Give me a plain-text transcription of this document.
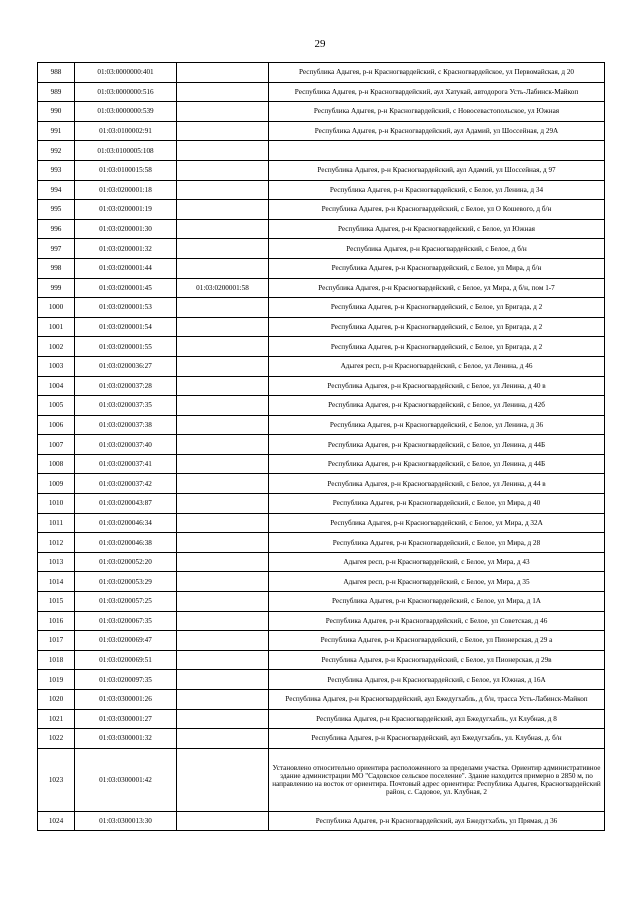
29
988	01:03:0000000:401		Республика Адыгея, р-н Красногвардейский, с Красногвардейское, ул Первомайская, д 20
989	01:03:0000000:516		Республика Адыгея, р-н Красногвардейский, аул Хатукай, автодорога Усть-Лабинск-Майкоп
990	01:03:0000000:539		Республика Адыгея, р-н Красногвардейский, с Новосевастопольское, ул Южная
991	01:03:0100002:91		Республика Адыгея, р-н Красногвардейский, аул Адамий, ул Шоссейная, д 29А
992	01:03:0100005:108		
993	01:03:0100015:58		Республика Адыгея, р-н Красногвардейский, аул Адамий, ул Шоссейная, д 97
994	01:03:0200001:18		Республика Адыгея, р-н Красногвардейский, с Белое, ул Ленина, д 34
995	01:03:0200001:19		Республика Адыгея, р-н Красногвардейский, с Белое, ул О Кошевого, д б/н
996	01:03:0200001:30		Республика Адыгея, р-н Красногвардейский, с Белое, ул Южная
997	01:03:0200001:32		Республика Адыгея, р-н Красногвардейский, с Белое, д б/н
998	01:03:0200001:44		Республика Адыгея, р-н Красногвардейский, с Белое, ул Мира, д б/н
999	01:03:0200001:45	01:03:0200001:58	Республика Адыгея, р-н Красногвардейский, с Белое, ул Мира, д б/н, пом 1-7
1000	01:03:0200001:53		Республика Адыгея, р-н Красногвардейский, с Белое, ул Бригада, д 2
1001	01:03:0200001:54		Республика Адыгея, р-н Красногвардейский, с Белое, ул Бригада, д 2
1002	01:03:0200001:55		Республика Адыгея, р-н Красногвардейский, с Белое, ул Бригада, д 2
1003	01:03:0200036:27		Адыгея респ, р-н Красногвардейский, с Белое, ул Ленина, д 46
1004	01:03:0200037:28		Республика Адыгея, р-н Красногвардейский, с Белое, ул Ленина, д 40 в
1005	01:03:0200037:35		Республика Адыгея, р-н Красногвардейский, с Белое, ул Ленина, д 42б
1006	01:03:0200037:38		Республика Адыгея, р-н Красногвардейский, с Белое, ул Ленина, д 36
1007	01:03:0200037:40		Республика Адыгея, р-н Красногвардейский, с Белое, ул Ленина, д 44Б
1008	01:03:0200037:41		Республика Адыгея, р-н Красногвардейский, с Белое, ул Ленина, д 44Б
1009	01:03:0200037:42		Республика Адыгея, р-н Красногвардейский, с Белое, ул Ленина, д 44 в
1010	01:03:0200043:87		Республика Адыгея, р-н Красногвардейский, с Белое, ул Мира, д 40
1011	01:03:0200046:34		Республика Адыгея, р-н Красногвардейский, с Белое, ул Мира, д 32А
1012	01:03:0200046:38		Республика Адыгея, р-н Красногвардейский, с Белое, ул Мира, д 28
1013	01:03:0200052:20		Адыгея респ, р-н Красногвардейский, с Белое, ул Мира, д 43
1014	01:03:0200053:29		Адыгея респ, р-н Красногвардейский, с Белое, ул Мира, д 35
1015	01:03:0200057:25		Республика Адыгея, р-н Красногвардейский, с Белое, ул Мира, д 1А
1016	01:03:0200067:35		Республика Адыгея, р-н Красногвардейский, с Белое, ул Советская, д 46
1017	01:03:0200069:47		Республика Адыгея, р-н Красногвардейский, с Белое, ул Пионерская, д 29 а
1018	01:03:0200069:51		Республика Адыгея, р-н Красногвардейский, с Белое, ул Пионерская, д 29в
1019	01:03:0200097:35		Республика Адыгея, р-н Красногвардейский, с Белое, ул Южная, д 16А
1020	01:03:0300001:26		Республика Адыгея, р-н Красногвардейский, аул Бжедугхабль, д б/н, трасса Усть-Лабинск-Майкоп
1021	01:03:0300001:27		Республика Адыгея, р-н Красногвардейский, аул Бжедугхабль, ул Клубная, д 8
1022	01:03:0300001:32		Республика Адыгея, р-н Красногвардейский, аул Бжедугхабль, ул. Клубная, д. б/н
1023	01:03:0300001:42		Установлено относительно ориентира расположенного за пределами участка. Ориентир административное здание администрации МО "Садовское сельское поселение". Здание находится примерно в 2850 м, по направлению на восток от ориентира. Почтовый адрес ориентира: Республика Адыгея, Красногвардейский район, с. Садовое, ул. Клубная, 2
1024	01:03:0300013:30		Республика Адыгея, р-н Красногвардейский, аул Бжедугхабль, ул Прямая, д 36
